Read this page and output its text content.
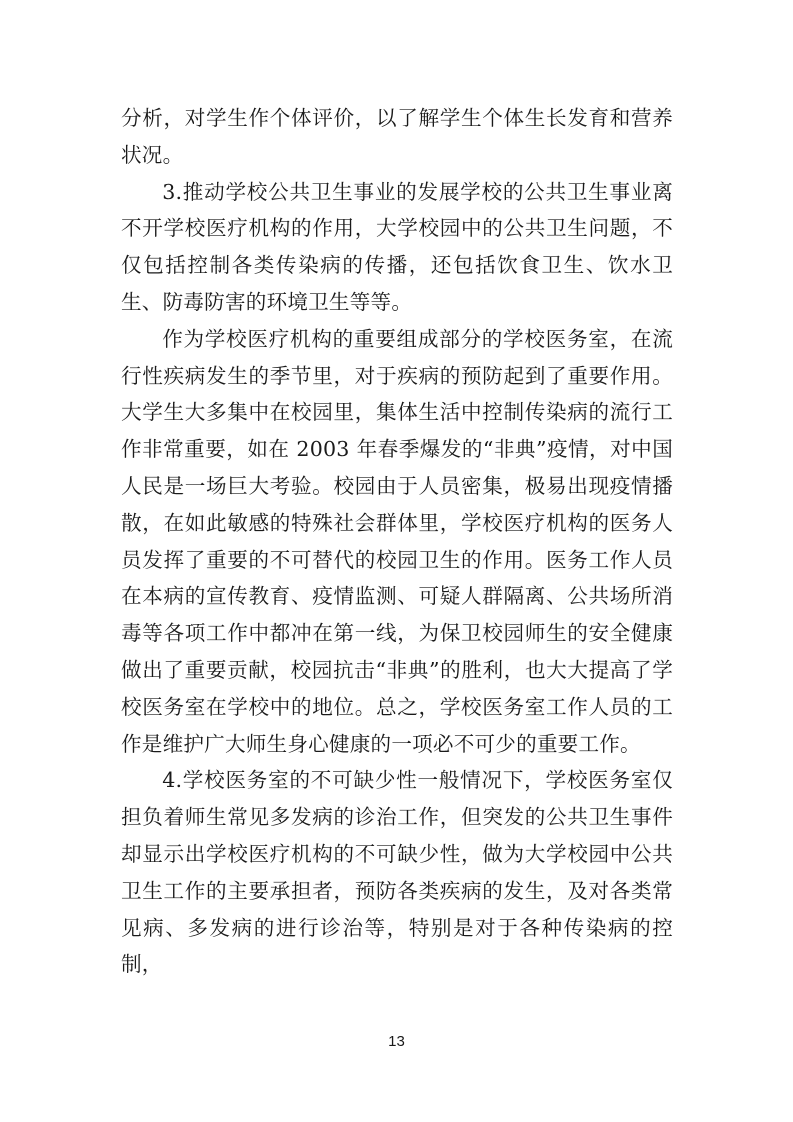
分析，对学生作个体评价，以了解学生个体生长发育和营养状况。

3.推动学校公共卫生事业的发展学校的公共卫生事业离不开学校医疗机构的作用，大学校园中的公共卫生问题，不仅包括控制各类传染病的传播，还包括饮食卫生、饮水卫生、防毒防害的环境卫生等等。

作为学校医疗机构的重要组成部分的学校医务室，在流行性疾病发生的季节里，对于疾病的预防起到了重要作用。大学生大多集中在校园里，集体生活中控制传染病的流行工作非常重要，如在 2003 年春季爆发的“非典”疫情，对中国人民是一场巨大考验。校园由于人员密集，极易出现疫情播散，在如此敏感的特殊社会群体里，学校医疗机构的医务人员发挥了重要的不可替代的校园卫生的作用。医务工作人员在本病的宣传教育、疫情监测、可疑人群隔离、公共场所消毒等各项工作中都冲在第一线，为保卫校园师生的安全健康做出了重要贡献，校园抗击“非典”的胜利，也大大提高了学校医务室在学校中的地位。总之，学校医务室工作人员的工作是维护广大师生身心健康的一项必不可少的重要工作。

4.学校医务室的不可缺少性一般情况下，学校医务室仅担负着师生常见多发病的诊治工作，但突发的公共卫生事件却显示出学校医疗机构的不可缺少性，做为大学校园中公共卫生工作的主要承担者，预防各类疾病的发生，及对各类常见病、多发病的进行诊治等，特别是对于各种传染病的控制，

13
